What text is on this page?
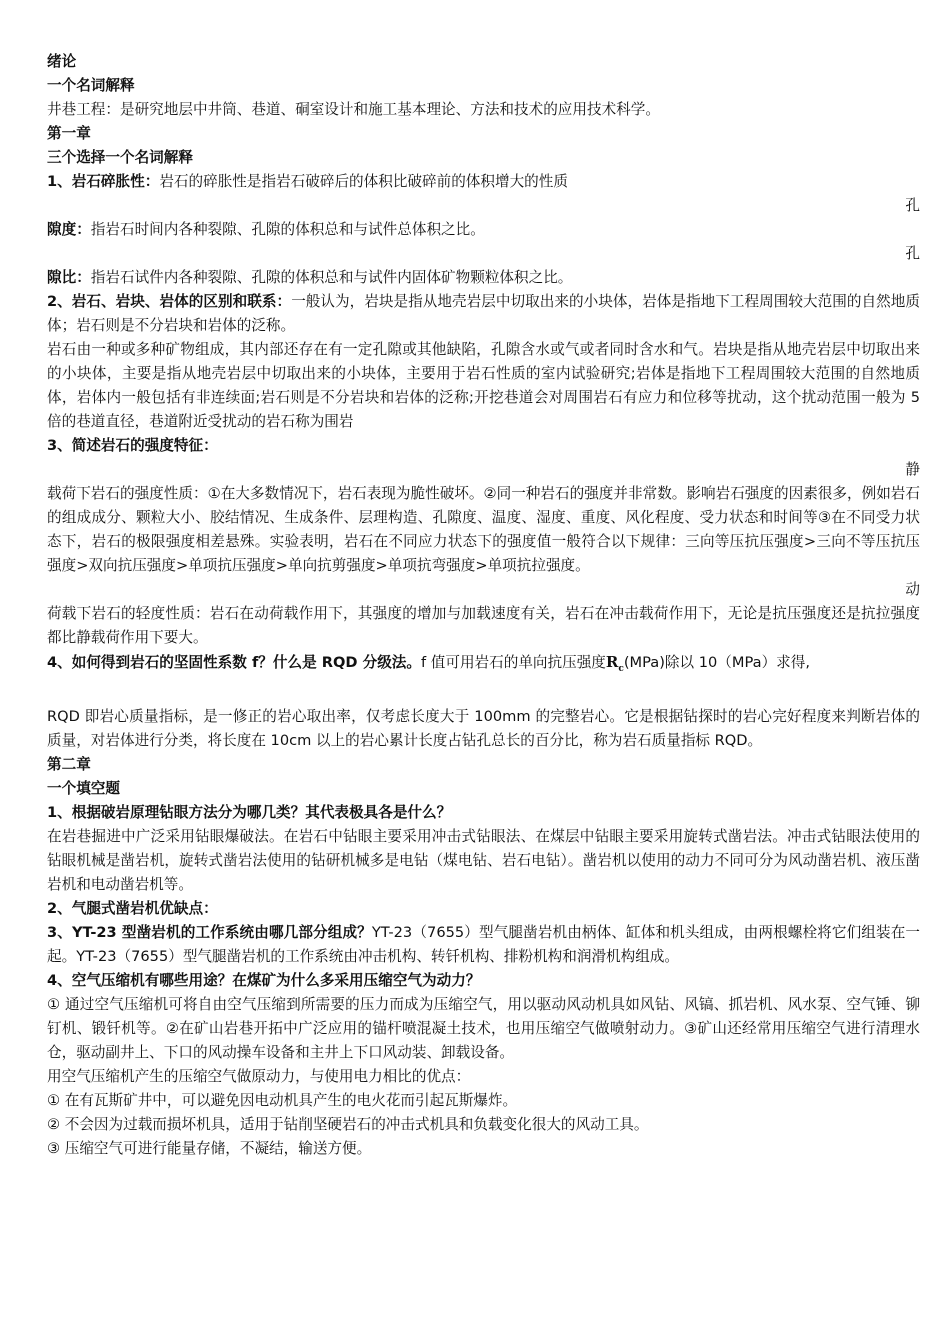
绪论
一个名词解释
井巷工程：是研究地层中井筒、巷道、硐室设计和施工基本理论、方法和技术的应用技术科学。
第一章
三个选择一个名词解释
1、岩石碎胀性：岩石的碎胀性是指岩石破碎后的体积比破碎前的体积增大的性质
孔
隙度：指岩石时间内各种裂隙、孔隙的体积总和与试件总体积之比。
孔
隙比：指岩石试件内各种裂隙、孔隙的体积总和与试件内固体矿物颗粒体积之比。
2、岩石、岩块、岩体的区别和联系：一般认为，岩块是指从地壳岩层中切取出来的小块体，岩体是指地下工程周围较大范围的自然地质体；岩石则是不分岩块和岩体的泛称。
岩石由一种或多种矿物组成，其内部还存在有一定孔隙或其他缺陷，孔隙含水或气或者同时含水和气。岩块是指从地壳岩层中切取出来的小块体，主要是指从地壳岩层中切取出来的小块体，主要用于岩石性质的室内试验研究;岩体是指地下工程周围较大范围的自然地质体，岩体内一般包括有非连续面;岩石则是不分岩块和岩体的泛称;开挖巷道会对周围岩石有应力和位移等扰动，这个扰动范围一般为 5 倍的巷道直径，巷道附近受扰动的岩石称为围岩
3、简述岩石的强度特征：
静
载荷下岩石的强度性质：①在大多数情况下，岩石表现为脆性破坏。②同一种岩石的强度并非常数。影响岩石强度的因素很多，例如岩石的组成成分、颗粒大小、胶结情况、生成条件、层理构造、孔隙度、温度、湿度、重度、风化程度、受力状态和时间等③在不同受力状态下，岩石的极限强度相差悬殊。实验表明，岩石在不同应力状态下的强度值一般符合以下规律：三向等压抗压强度>三向不等压抗压强度>双向抗压强度>单项抗压强度>单向抗剪强度>单项抗弯强度>单项抗拉强度。
动
荷载下岩石的轻度性质：岩石在动荷载作用下，其强度的增加与加载速度有关，岩石在冲击载荷作用下，无论是抗压强度还是抗拉强度都比静载荷作用下要大。
4、如何得到岩石的坚固性系数 f？什么是 RQD 分级法。f 值可用岩石的单向抗压强度$R_c(MPa)$除以 10（MPa）求得,
RQD 即岩心质量指标，是一修正的岩心取出率，仅考虑长度大于 100mm 的完整岩心。它是根据钻探时的岩心完好程度来判断岩体的质量，对岩体进行分类，将长度在 10cm 以上的岩心累计长度占钻孔总长的百分比，称为岩石质量指标 RQD。
第二章
一个填空题
1、根据破岩原理钻眼方法分为哪几类？其代表极具各是什么？
在岩巷掘进中广泛采用钻眼爆破法。在岩石中钻眼主要采用冲击式钻眼法、在煤层中钻眼主要采用旋转式凿岩法。冲击式钻眼法使用的钻眼机械是凿岩机，旋转式凿岩法使用的钻研机械多是电钻（煤电钻、岩石电钻）。凿岩机以使用的动力不同可分为风动凿岩机、液压凿岩机和电动凿岩机等。
2、气腿式凿岩机优缺点：
3、YT-23 型凿岩机的工作系统由哪几部分组成？YT-23（7655）型气腿凿岩机由柄体、缸体和机头组成，由两根螺栓将它们组装在一起。YT-23（7655）型气腿凿岩机的工作系统由冲击机构、转钎机构、排粉机构和润滑机构组成。
4、空气压缩机有哪些用途？在煤矿为什么多采用压缩空气为动力？
① 通过空气压缩机可将自由空气压缩到所需要的压力而成为压缩空气，用以驱动风动机具如风钻、风镐、抓岩机、风水泵、空气锤、铆钉机、锻钎机等。②在矿山岩巷开拓中广泛应用的锚杆喷混凝土技术，也用压缩空气做喷射动力。③矿山还经常用压缩空气进行清理水仓，驱动副井上、下口的风动操车设备和主井上下口风动装、卸载设备。
用空气压缩机产生的压缩空气做原动力，与使用电力相比的优点：
① 在有瓦斯矿井中，可以避免因电动机具产生的电火花而引起瓦斯爆炸。
② 不会因为过载而损坏机具，适用于钻削坚硬岩石的冲击式机具和负载变化很大的风动工具。
③ 压缩空气可进行能量存储，不凝结，输送方便。
